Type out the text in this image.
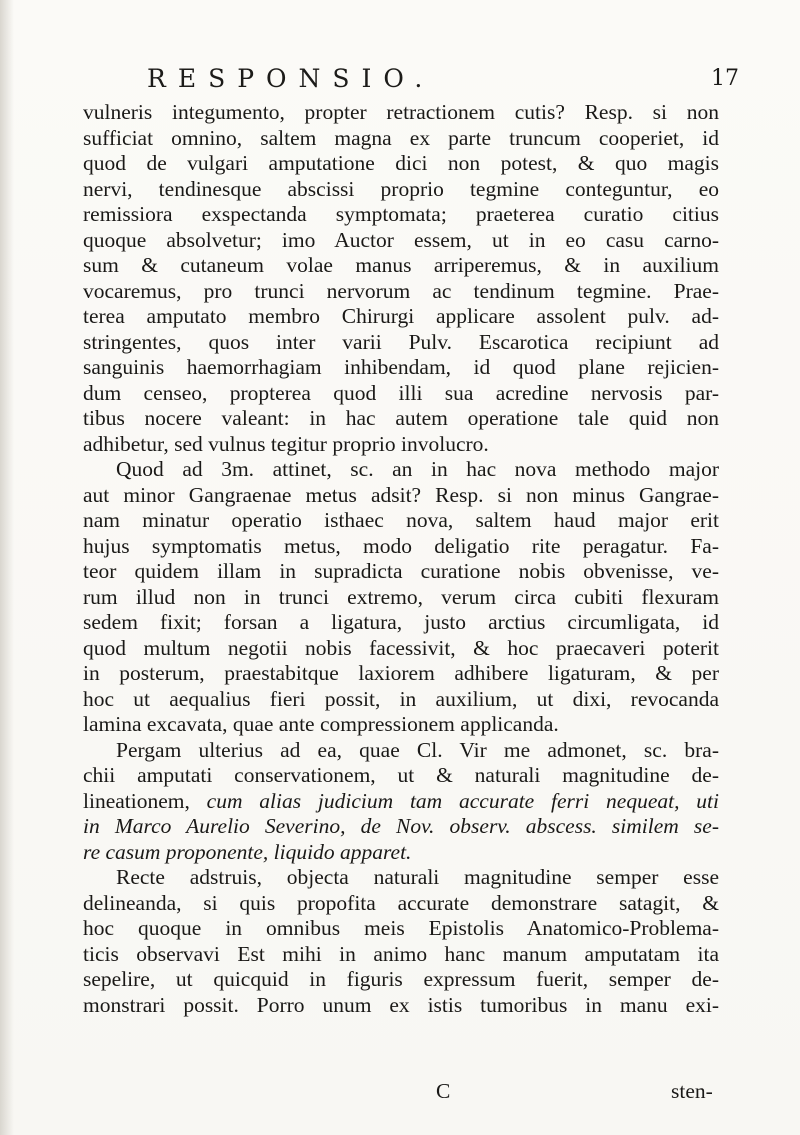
RESPONSIO.	17
vulneris integumento, propter retractionem cutis? Resp. si non
sufficiat omnino, saltem magna ex parte truncum cooperiet, id
quod de vulgari amputatione dici non potest, & quo magis
nervi, tendinesque abscissi proprio tegmine conteguntur, eo
remissiora exspectanda symptomata; praeterea curatio citius
quoque absolvetur; imo Auctor essem, ut in eo casu carno-
sum & cutaneum volae manus arriperemus, & in auxilium
vocaremus, pro trunci nervorum ac tendinum tegmine. Prae-
terea amputato membro Chirurgi applicare assolent pulv. ad-
stringentes, quos inter varii Pulv. Escarotica recipiunt ad
sanguinis haemorrhagiam inhibendam, id quod plane rejicien-
dum censeo, propterea quod illi sua acredine nervosis par-
tibus nocere valeant: in hac autem operatione tale quid non
adhibetur, sed vulnus tegitur proprio involucro.
Quod ad 3m. attinet, sc. an in hac nova methodo major
aut minor Gangraenae metus adsit? Resp. si non minus Gangrae-
nam minatur operatio isthaec nova, saltem haud major erit
hujus symptomatis metus, modo deligatio rite peragatur. Fa-
teor quidem illam in supradicta curatione nobis obvenisse, ve-
rum illud non in trunci extremo, verum circa cubiti flexuram
sedem fixit; forsan a ligatura, justo arctius circumligata, id
quod multum negotii nobis facessivit, & hoc praecaveri poterit
in posterum, praestabitque laxiorem adhibere ligaturam, & per
hoc ut aequalius fieri possit, in auxilium, ut dixi, revocanda
lamina excavata, quae ante compressionem applicanda.
Pergam ulterius ad ea, quae Cl. Vir me admonet, sc. bra-
chii amputati conservationem, ut & naturali magnitudine de-
lineationem, cum alias judicium tam accurate ferri nequeat, uti
in Marco Aurelio Severino, de Nov. observ. abscess. similem se-
re casum proponente, liquido apparet.
Recte adstruis, objecta naturali magnitudine semper esse
delineanda, si quis propofita accurate demonstrare satagit, &
hoc quoque in omnibus meis Epistolis Anatomico-Problema-
ticis observavi Est mihi in animo hanc manum amputatam ita
sepelire, ut quicquid in figuris expressum fuerit, semper de-
monstrari possit. Porro unum ex istis tumoribus in manu exi-
C	sten-
